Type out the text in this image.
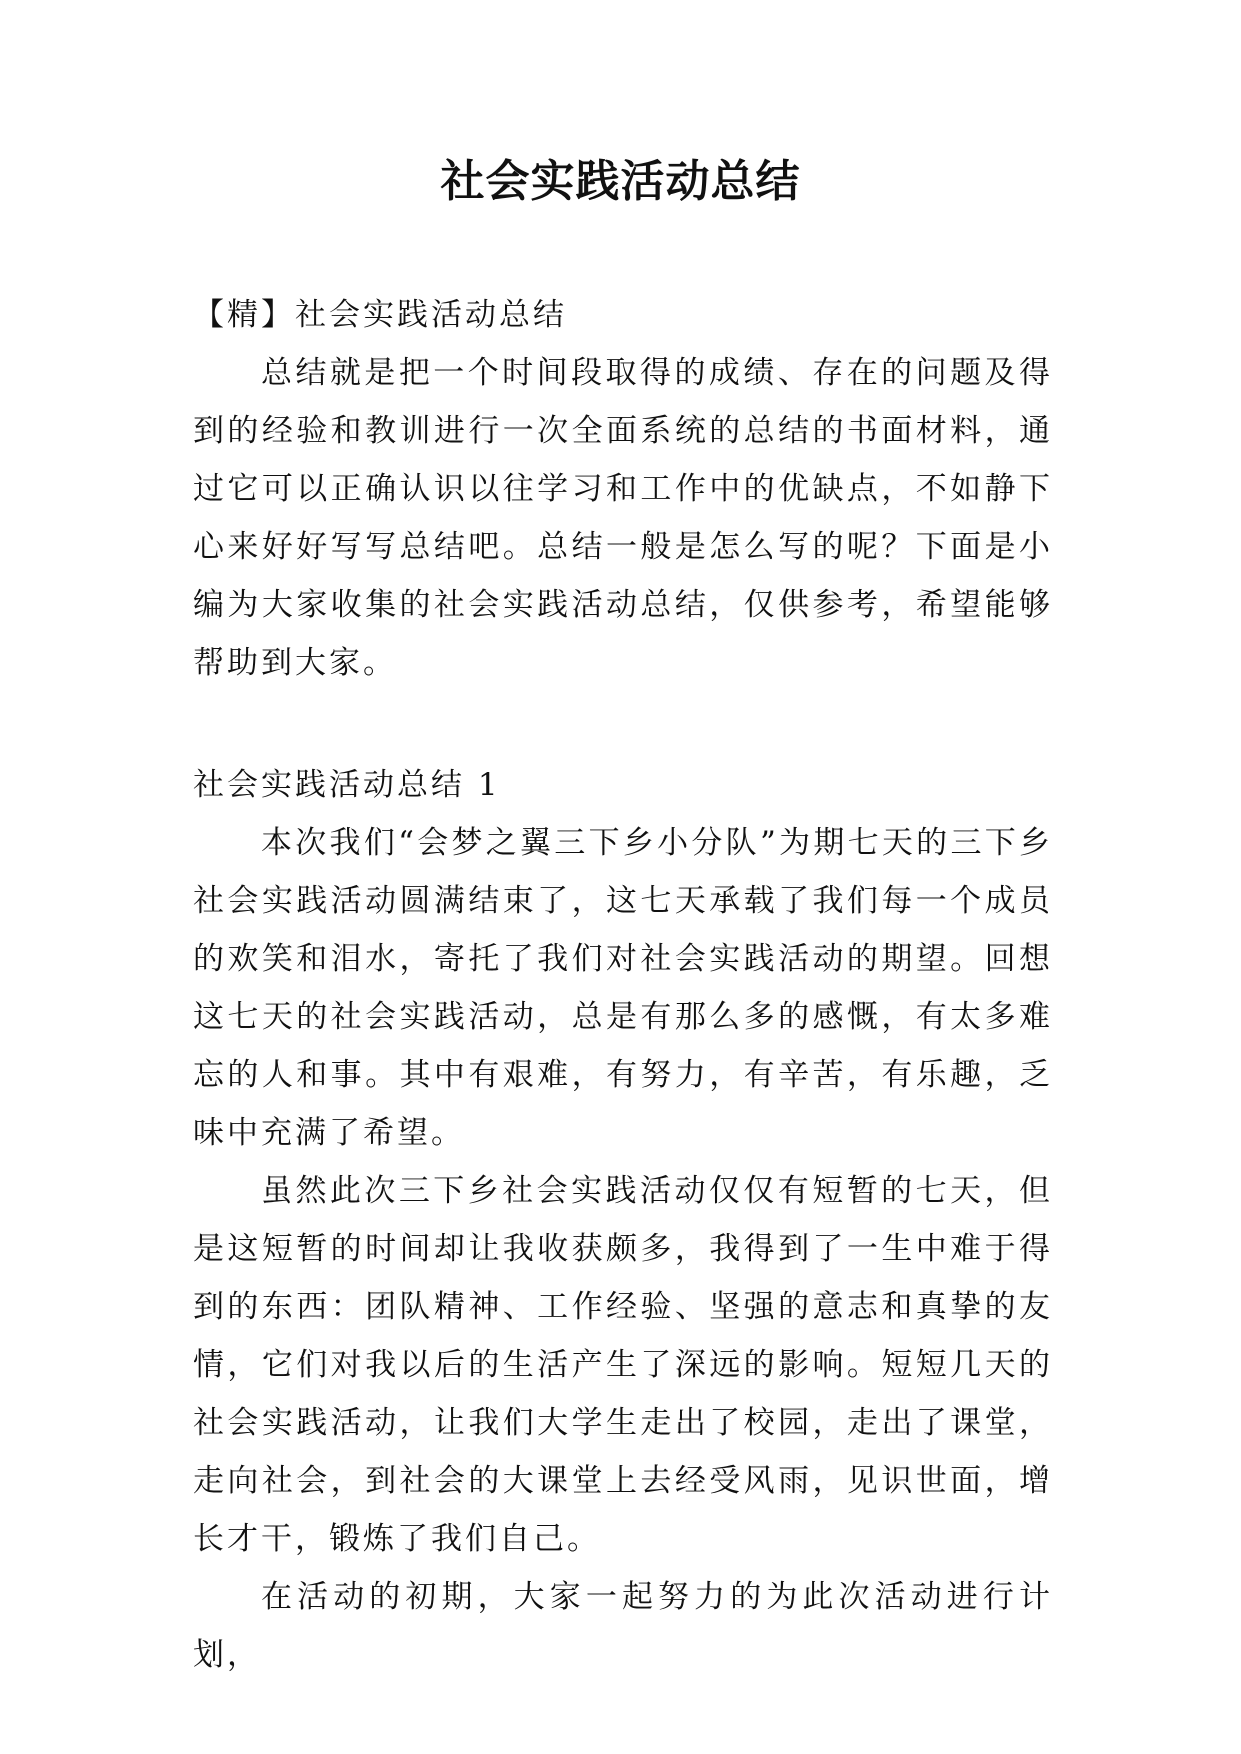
社会实践活动总结

【精】社会实践活动总结

总结就是把一个时间段取得的成绩、存在的问题及得到的经验和教训进行一次全面系统的总结的书面材料，通过它可以正确认识以往学习和工作中的优缺点，不如静下心来好好写写总结吧。总结一般是怎么写的呢？下面是小编为大家收集的社会实践活动总结，仅供参考，希望能够帮助到大家。

社会实践活动总结 1

本次我们“会梦之翼三下乡小分队”为期七天的三下乡社会实践活动圆满结束了，这七天承载了我们每一个成员的欢笑和泪水，寄托了我们对社会实践活动的期望。回想这七天的社会实践活动，总是有那么多的感慨，有太多难忘的人和事。其中有艰难，有努力，有辛苦，有乐趣，乏味中充满了希望。

虽然此次三下乡社会实践活动仅仅有短暂的七天，但是这短暂的时间却让我收获颇多，我得到了一生中难于得到的东西：团队精神、工作经验、坚强的意志和真挚的友情，它们对我以后的生活产生了深远的影响。短短几天的社会实践活动，让我们大学生走出了校园，走出了课堂，走向社会，到社会的大课堂上去经受风雨，见识世面，增长才干，锻炼了我们自己。

在活动的初期，大家一起努力的为此次活动进行计划，
